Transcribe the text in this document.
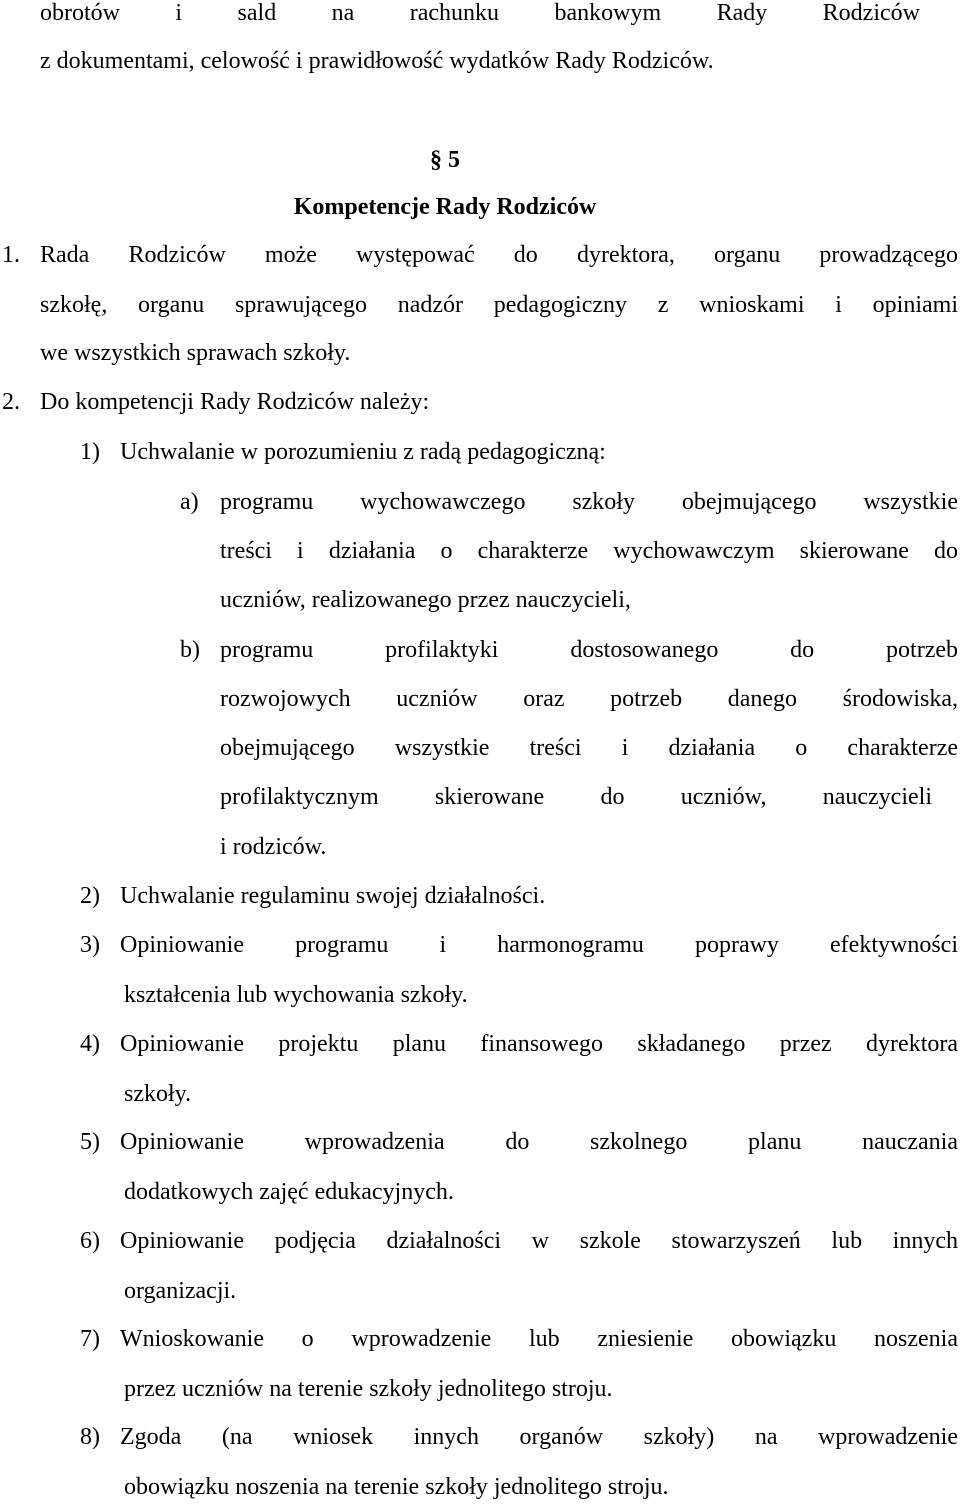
obrotów i sald na rachunku bankowym Rady Rodziców
z dokumentami, celowość i prawidłowość wydatków Rady Rodziców.
§ 5
Kompetencje Rady Rodziców
1. Rada Rodziców może występować do dyrektora, organu prowadzącego
szkołę, organu sprawującego nadzór pedagogiczny z wnioskami i opiniami
we wszystkich sprawach szkoły.
2. Do kompetencji Rady Rodziców należy:
1) Uchwalanie w porozumieniu z radą pedagogiczną:
a) programu wychowawczego szkoły obejmującego wszystkie
treści i działania o charakterze wychowawczym skierowane do
uczniów, realizowanego przez nauczycieli,
b) programu profilaktyki dostosowanego do potrzeb
rozwojowych uczniów oraz potrzeb danego środowiska,
obejmującego wszystkie treści i działania o charakterze
profilaktycznym skierowane do uczniów, nauczycieli
i rodziców.
2) Uchwalanie regulaminu swojej działalności.
3) Opiniowanie programu i harmonogramu poprawy efektywności
kształcenia lub wychowania szkoły.
4) Opiniowanie projektu planu finansowego składanego przez dyrektora
szkoły.
5) Opiniowanie wprowadzenia do szkolnego planu nauczania
dodatkowych zajęć edukacyjnych.
6) Opiniowanie podjęcia działalności w szkole stowarzyszeń lub innych
organizacji.
7) Wnioskowanie o wprowadzenie lub zniesienie obowiązku noszenia
przez uczniów na terenie szkoły jednolitego stroju.
8) Zgoda (na wniosek innych organów szkoły) na wprowadzenie
obowiązku noszenia na terenie szkoły jednolitego stroju.
